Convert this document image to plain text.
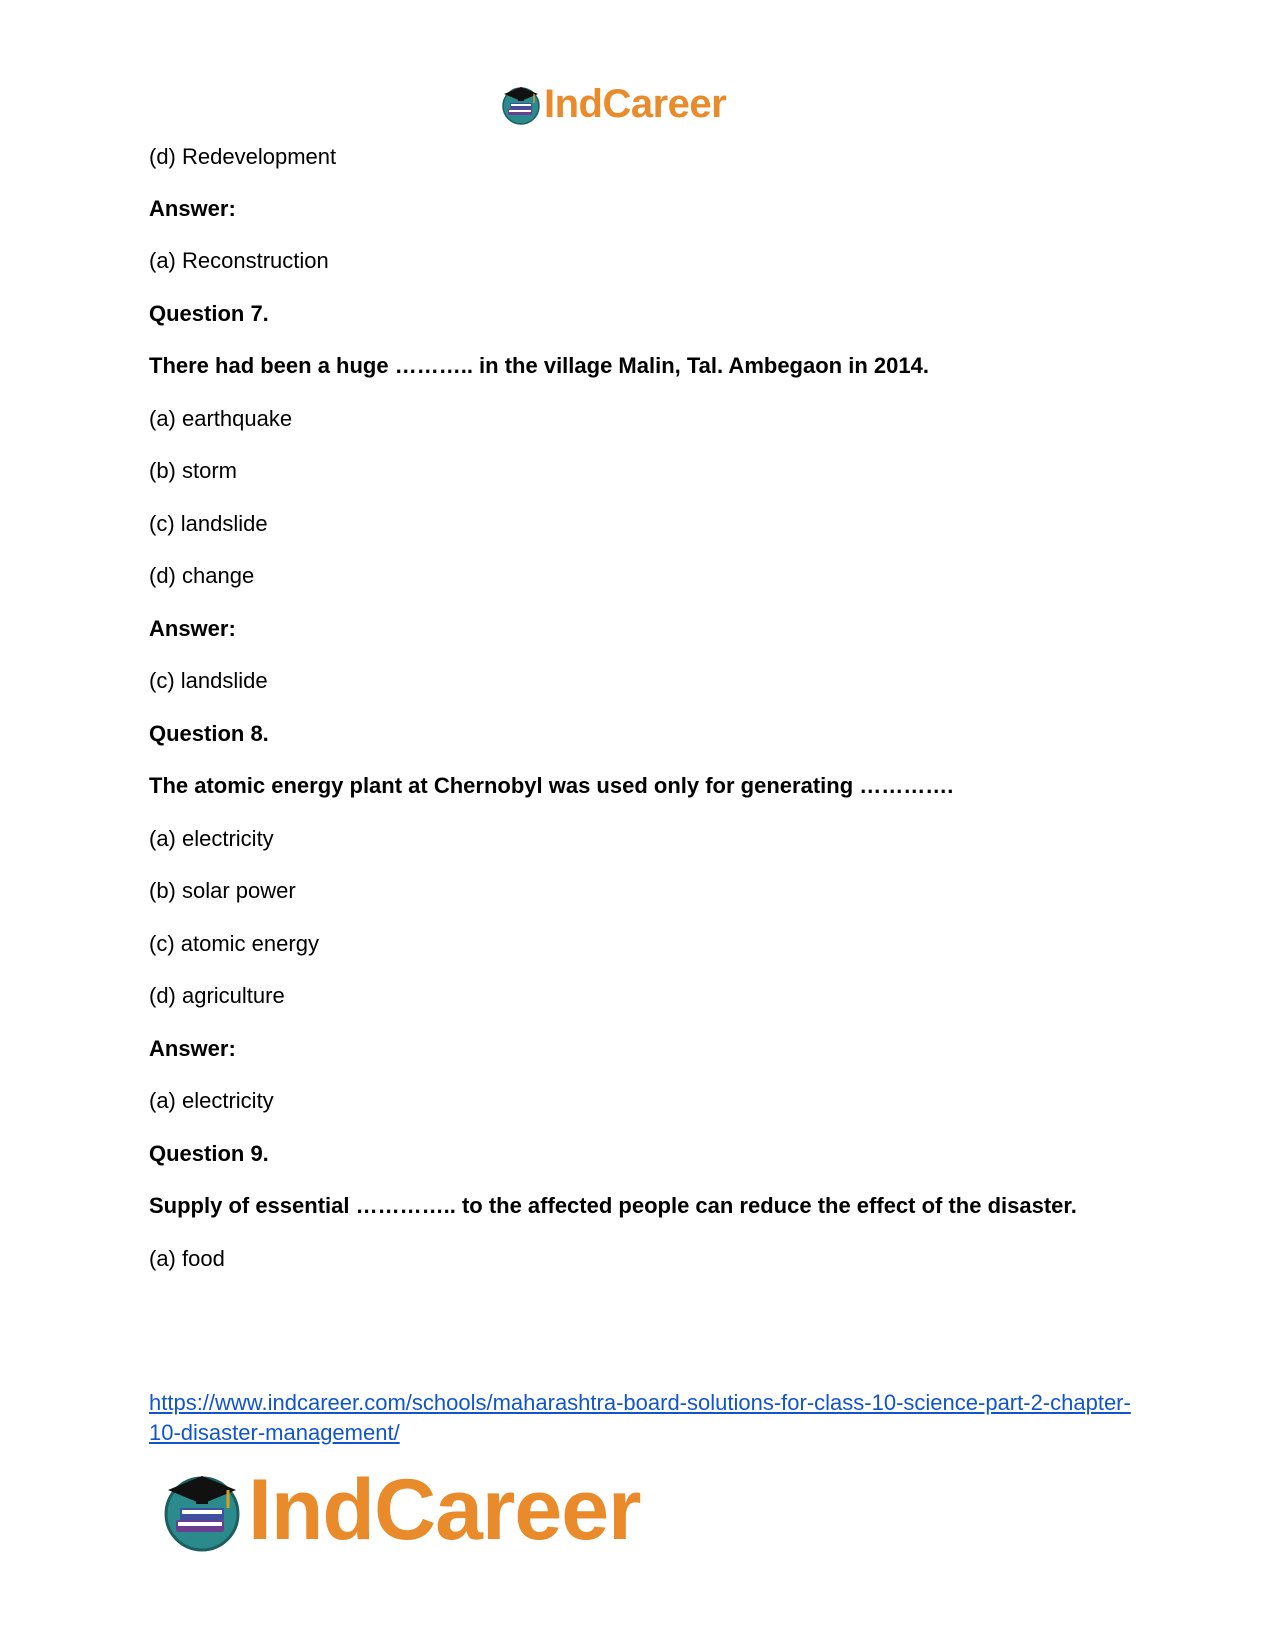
IndCareer
(d) Redevelopment
Answer:
(a) Reconstruction
Question 7.
There had been a huge ……….. in the village Malin, Tal. Ambegaon in 2014.
(a) earthquake
(b) storm
(c) landslide
(d) change
Answer:
(c) landslide
Question 8.
The atomic energy plant at Chernobyl was used only for generating ………….
(a) electricity
(b) solar power
(c) atomic energy
(d) agriculture
Answer:
(a) electricity
Question 9.
Supply of essential ………….. to the affected people can reduce the effect of the disaster.
(a) food
https://www.indcareer.com/schools/maharashtra-board-solutions-for-class-10-science-part-2-chapter-10-disaster-management/
IndCareer
